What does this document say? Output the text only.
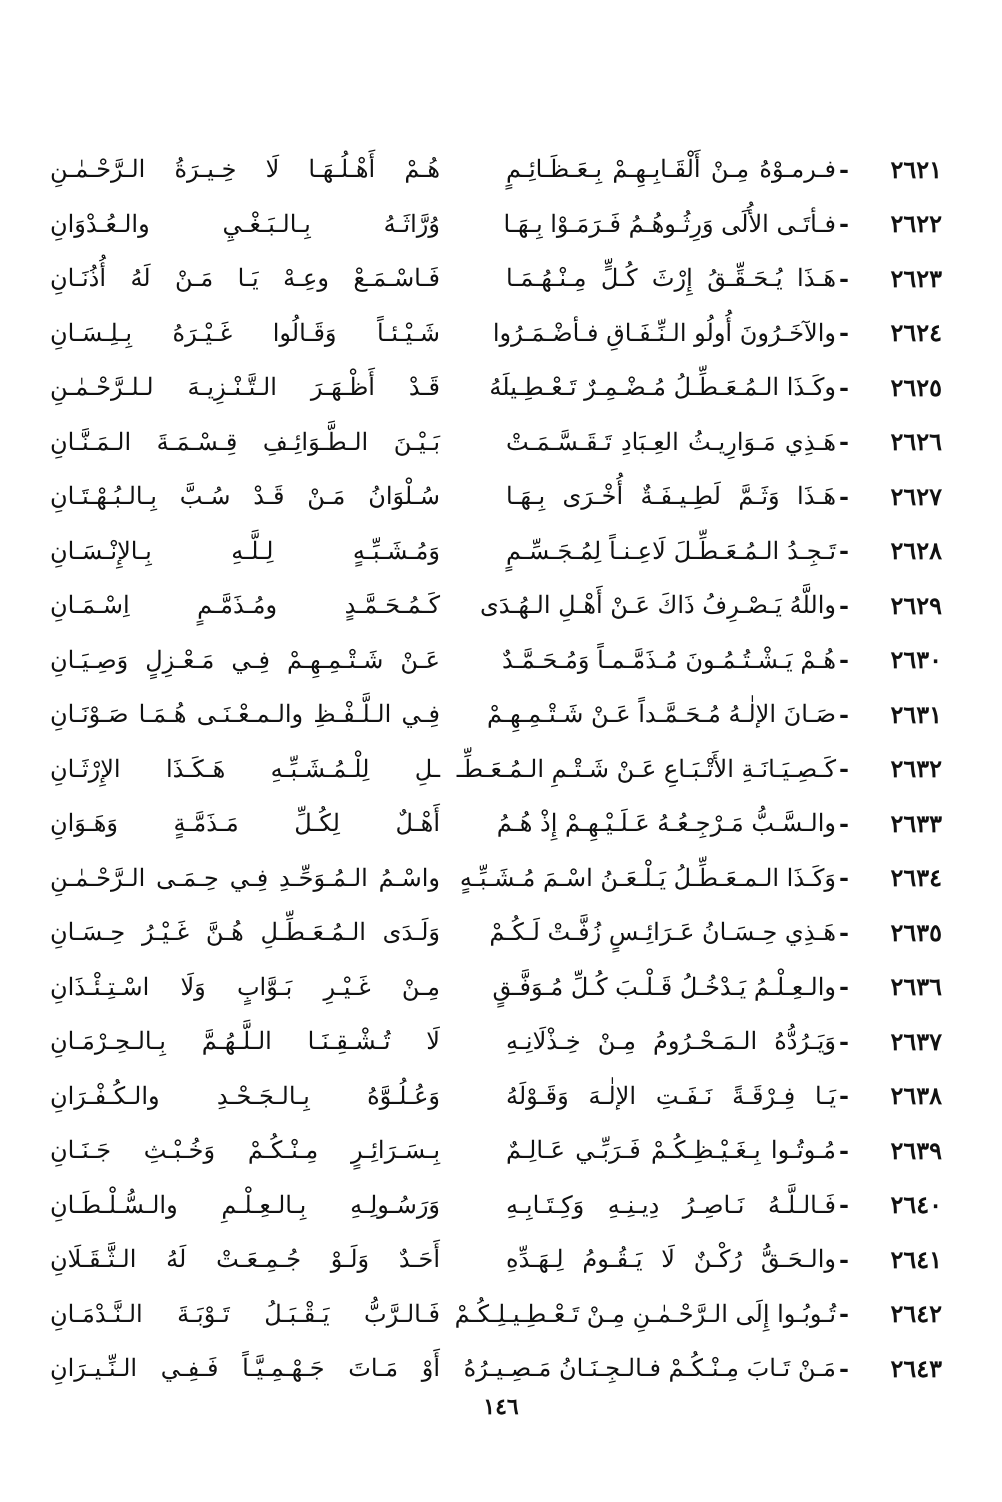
٢٦٢١
-
فـرمـوْهُ مِـنْ أَلْقَـابِـهِـمْ بِـعَـظَـائِـمٍ
هُـمْ أَهْـلُـهَـا لَا خِـيـرَةُ الـرَّحْـمٰـنِ
٢٦٢٢
-
فـأتَـى الأُلَى وَرِثُـوهُـمُ فَـرَمَـوْا بِـهَـا
وُرَّاثَـهُ بِـالـبَـغْـيِ والـعُـدْوَانِ
٢٦٢٣
-
هَـذَا يُـحَـقِّـقُ إِرْثَ كُـلٍّ مِـنْـهُـمَـا
فَـاسْـمَـعْ وعِـهْ يَـا مَـنْ لَهُ أُذُنَـانِ
٢٦٢٤
-
والآخَـرُونَ أُولُو الـنِّـفَـاقِ فـأضْـمَـرُوا
شَـيْـئـاً وَقَـالُوا غَـيْـرَهُ بِـلِـسَـانِ
٢٦٢٥
-
وكَـذَا الـمُـعَـطِّـلُ مُـضْـمِـرٌ تَـعْـطِـيلَهُ
قَـدْ أَظْـهَـرَ الـتَّـنْـزِيـهَ لـلـرَّحْـمٰـنِ
٢٦٢٦
-
هَـذِي مَـوَارِيـثُ العِـبَادِ تَـقَـسَّـمَـتْ
بَـيْـنَ الـطَّـوَائِـفِ قِـسْـمَـةَ الـمَـنَّـانِ
٢٦٢٧
-
هَـذَا وَثَـمَّ لَطِـيـفَـةٌ أُخْـرَى بِـهَـا
سُـلْوَانُ مَـنْ قَـدْ سُـبَّ بِـالـبُـهْـتَـانِ
٢٦٢٨
-
تَـجِـدُ الـمُـعَـطِّـلَ لَاعِـنـاً لِمُـجَـسِّـمٍ
وَمُـشَـبِّـهٍ لِـلَّـهِ بِـالإِنْـسَـانِ
٢٦٢٩
-
واللَّهُ يَـصْـرِفُ ذَاكَ عَـنْ أَهْـلِ الـهُـدَى
كَـمُـحَـمَّـدٍ ومُـذَمَّـمٍ اِسْـمَـانِ
٢٦٣٠
-
هُـمْ يَـشْـتُـمُـونَ مُـذَمَّـمـاً وَمُـحَـمَّـدٌ
عَـنْ شَـتْـمِـهِـمْ فِـي مَـعْـزِلٍ وَصِـيَـانِ
٢٦٣١
-
صَـانَ الإلٰـهُ مُـحَـمَّـداً عَـنْ شَـتْـمِـهِـمْ
فِـي الـلَّـفْـظِ والـمـعْـنَـى هُـمَـا صَـوْنَـانِ
٢٦٣٢
-
كَـصِـيَـانَـةِ الأَتْـبَـاعِ عَـنْ شَـتْـمِ الـمُـعَـطِّـ
ـلِ لِلْـمُـشَـبِّـهِ هَـكَـذَا الإِرْثَـانِ
٢٦٣٣
-
والـسَّـبُّ مَـرْجِـعُـهُ عَـلَـيْـهِـمْ إِذْ هُـمُ
أَهْـلٌ لِكُـلِّ مَـذَمَّـةٍ وَهَـوَانِ
٢٦٣٤
-
وَكَـذَا الـمـعَـطِّـلُ يَـلْـعَـنُ اسْـمَ مُـشَـبِّـهٍ
واسْـمُ الـمُـوَحِّـدِ فِـي حِـمَـى الـرَّحْـمٰـنِ
٢٦٣٥
-
هَـذِي حِـسَـانُ عَـرَائِـسٍ زُفَّـتْ لَـكُـمْ
وَلَـدَى الـمُـعَـطِّـلِ هُـنَّ غَـيْـرُ حِـسَـانِ
٢٦٣٦
-
والـعِـلْـمُ يَـدْخُـلُ قَـلْـبَ كُـلِّ مُـوَفَّـقٍ
مِـنْ غَـيْـرِ بَـوَّابٍ وَلَا اسْـتِـئْـذَانِ
٢٦٣٧
-
وَيَـرُدُّهُ الـمَـحْـرُومُ مِـنْ خِـذْلَانِـهِ
لَا تُـشْـقِـنَـا الـلَّـهُـمَّ بِـالـحِـرْمَـانِ
٢٦٣٨
-
يَـا فِـرْقَـةً نَـفَـتِ الإلٰـهَ وَقَـوْلَهُ
وَعُـلُـوَّهُ بِـالـجَـحْـدِ والـكُـفْـرَانِ
٢٦٣٩
-
مُـوتُـوا بِـغَـيْـظِـكُـمْ فَـرَبِّـي عَـالِـمٌ
بِـسَـرَائِـرٍ مِـنْـكُـمْ وَخُـبْـثِ جَـنَـانِ
٢٦٤٠
-
فَـالـلَّـهُ نَـاصِـرُ دِيـنِـهِ وَكِـتَـابِـهِ
وَرَسُـولِـهِ بِـالـعِـلْـمِ والـسُّـلْـطَـانِ
٢٦٤١
-
والـحَـقُّ رُكْـنٌ لَا يَـقُـومُ لِـهَـدِّهِ
أَحَـدٌ وَلَـوْ جُـمِـعَـتْ لَهُ الـثَّـقَـلَانِ
٢٦٤٢
-
تُـوبُـوا إِلَى الـرَّحْـمٰـنِ مِـنْ تَـعْـطِـيـلِـكُـمْ
فَـالـرَّبُّ يَـقْـبَـلُ تَـوْبَـةَ الـنَّـدْمَـانِ
٢٦٤٣
-
مَـنْ تَـابَ مِـنْـكُـمْ فـالـجِـنَـانُ مَـصِـيـرُهُ
أَوْ مَـاتَ جَـهْـمِـيَّـاً فَـفِـي الـنِّـيـرَانِ
١٤٦
